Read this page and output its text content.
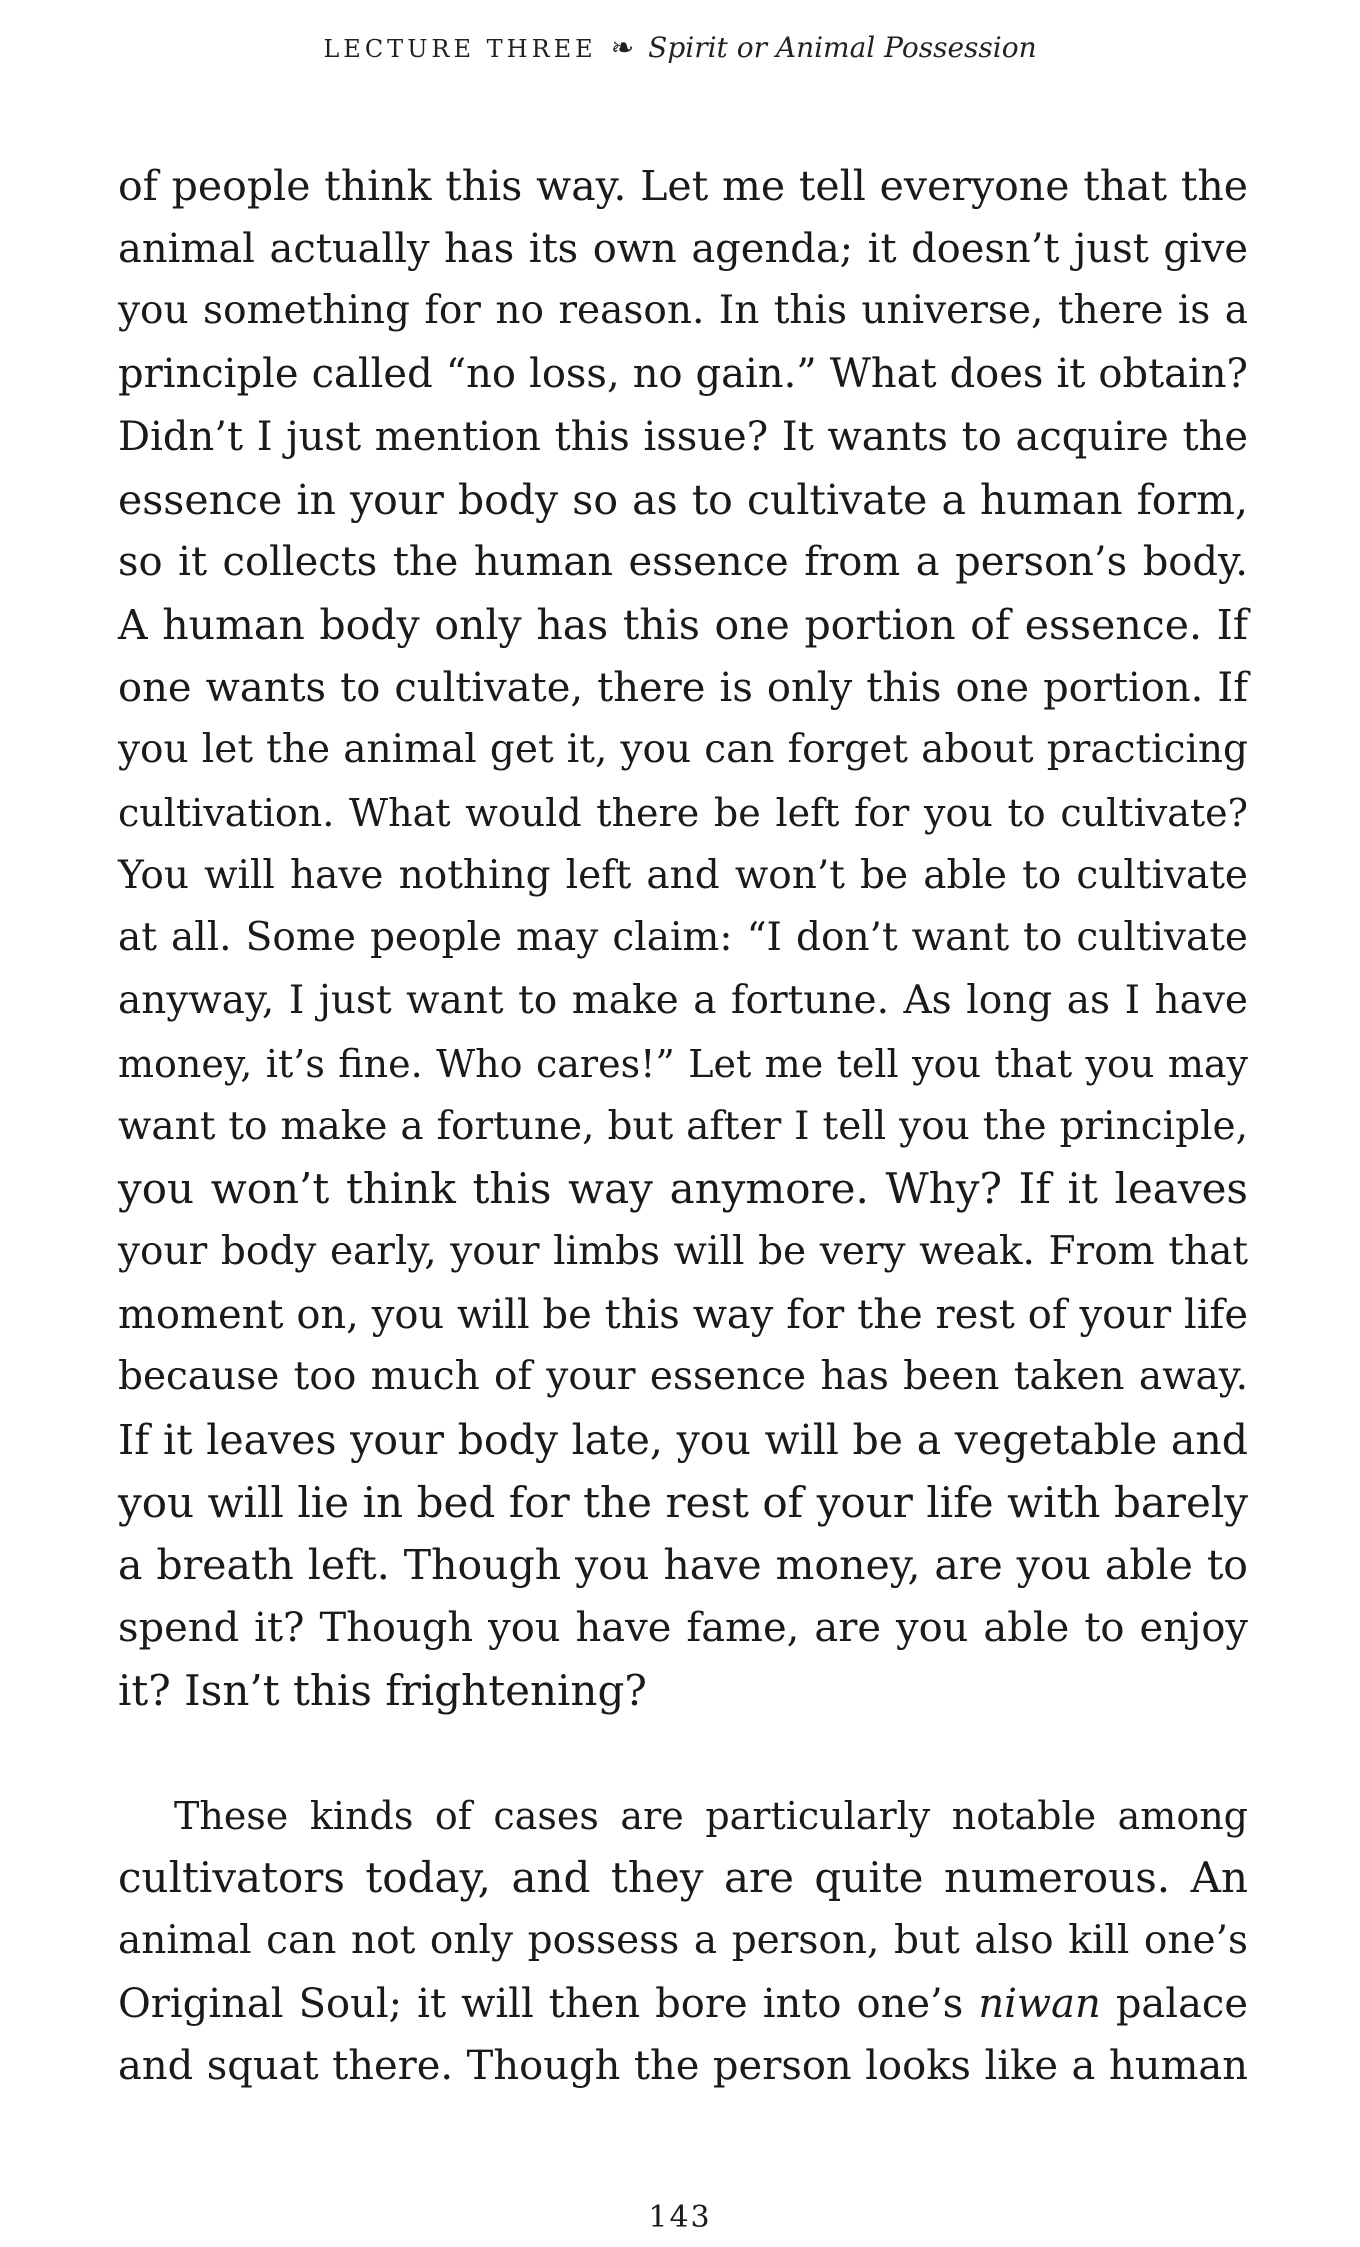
LECTURE THREE ❧ Spirit or Animal Possession

of people think this way. Let me tell everyone that the
animal actually has its own agenda; it doesn’t just give
you something for no reason. In this universe, there is a
principle called “no loss, no gain.” What does it obtain?
Didn’t I just mention this issue? It wants to acquire the
essence in your body so as to cultivate a human form,
so it collects the human essence from a person’s body.
A human body only has this one portion of essence. If
one wants to cultivate, there is only this one portion. If
you let the animal get it, you can forget about practicing
cultivation. What would there be left for you to cultivate?
You will have nothing left and won’t be able to cultivate
at all. Some people may claim: “I don’t want to cultivate
anyway, I just want to make a fortune. As long as I have
money, it’s fine. Who cares!” Let me tell you that you may
want to make a fortune, but after I tell you the principle,
you won’t think this way anymore. Why? If it leaves
your body early, your limbs will be very weak. From that
moment on, you will be this way for the rest of your life
because too much of your essence has been taken away.
If it leaves your body late, you will be a vegetable and
you will lie in bed for the rest of your life with barely
a breath left. Though you have money, are you able to
spend it? Though you have fame, are you able to enjoy
it? Isn’t this frightening?

These kinds of cases are particularly notable among
cultivators today, and they are quite numerous. An
animal can not only possess a person, but also kill one’s
Original Soul; it will then bore into one’s niwan palace
and squat there. Though the person looks like a human

143
